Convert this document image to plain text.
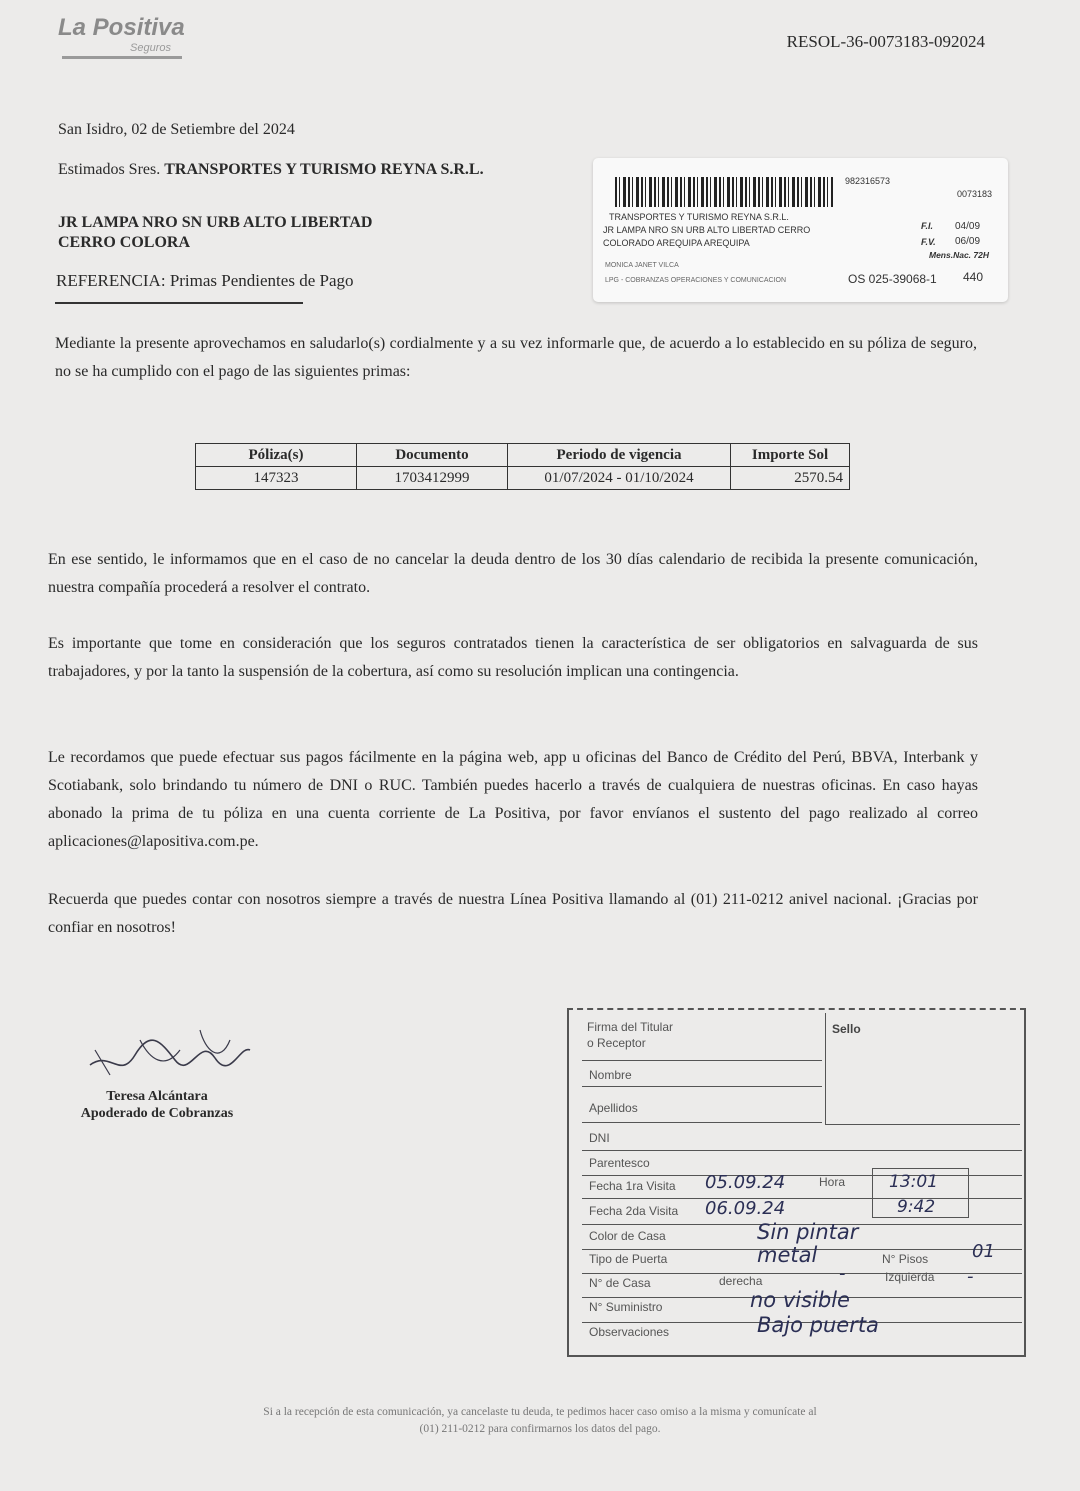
La Positiva
Seguros	RESOL-36-0073183-092024
San Isidro, 02 de Setiembre del 2024
Estimados Sres. TRANSPORTES Y TURISMO REYNA S.R.L.
JR LAMPA NRO SN URB ALTO LIBERTAD
CERRO COLORA
REFERENCIA: Primas Pendientes de Pago
982316573
0073183
TRANSPORTES Y TURISMO REYNA S.R.L.
JR LAMPA NRO SN URB ALTO LIBERTAD CERRO
COLORADO AREQUIPA AREQUIPA
F.I. 04/09
F.V. 06/09
Mens.Nac. 72H
MONICA JANET VILCA
LPG - COBRANZAS OPERACIONES Y COMUNICACION	OS 025-39068-1 440
Mediante la presente aprovechamos en saludarlo(s) cordialmente y a su vez informarle que, de acuerdo a lo establecido en su póliza de seguro, no se ha cumplido con el pago de las siguientes primas:
Póliza(s)	Documento	Periodo de vigencia	Importe Sol
147323	1703412999	01/07/2024 - 01/10/2024	2570.54
En ese sentido, le informamos que en el caso de no cancelar la deuda dentro de los 30 días calendario de recibida la presente comunicación, nuestra compañía procederá a resolver el contrato.
Es importante que tome en consideración que los seguros contratados tienen la característica de ser obligatorios en salvaguarda de sus trabajadores, y por la tanto la suspensión de la cobertura, así como su resolución implican una contingencia.
Le recordamos que puede efectuar sus pagos fácilmente en la página web, app u oficinas del Banco de Crédito del Perú, BBVA, Interbank y Scotiabank, solo brindando tu número de DNI o RUC. También puedes hacerlo a través de cualquiera de nuestras oficinas. En caso hayas abonado la prima de tu póliza en una cuenta corriente de La Positiva, por favor envíanos el sustento del pago realizado al correo aplicaciones@lapositiva.com.pe.
Recuerda que puedes contar con nosotros siempre a través de nuestra Línea Positiva llamando al (01) 211-0212 anivel nacional. ¡Gracias por confiar en nosotros!
Teresa Alcántara
Apoderado de Cobranzas
Firma del Titular
o Receptor
Sello
Nombre
Apellidos
DNI
Parentesco
Fecha 1ra Visita 05.09.24	Hora	13:01
Fecha 2da Visita 06.09.24	9:42
Color de Casa	Sin pintar
Tipo de Puerta	metal	N° Pisos 01
N° de Casa	derecha	-	Izquierda -
N° Suministro	no visible
Observaciones	Bajo puerta
Si a la recepción de esta comunicación, ya cancelaste tu deuda, te pedimos hacer caso omiso a la misma y comunícate al
(01) 211-0212 para confirmarnos los datos del pago.
